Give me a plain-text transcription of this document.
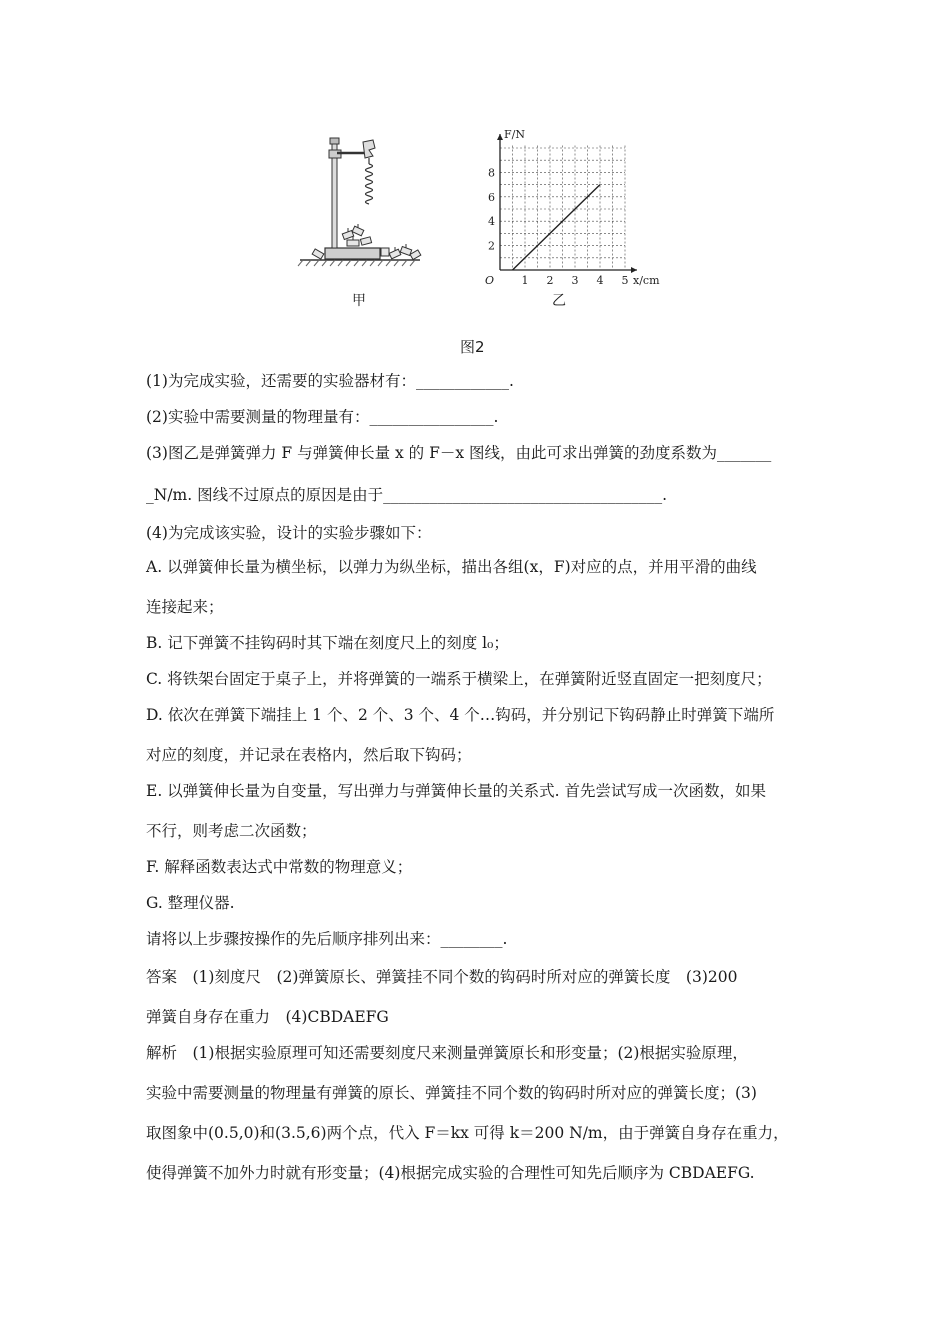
甲
1 2 3 4 5
2
4
6
8
O	x/cm
F/N
乙
图2
(1)为完成实验，还需要的实验器材有：____________.
(2)实验中需要测量的物理量有：________________.
(3)图乙是弹簧弹力 F 与弹簧伸长量 x 的 F－x 图线，由此可求出弹簧的劲度系数为_______
_N/m. 图线不过原点的原因是由于____________________________________.
(4)为完成该实验，设计的实验步骤如下：
A. 以弹簧伸长量为横坐标，以弹力为纵坐标，描出各组(x，F)对应的点，并用平滑的曲线
连接起来；
B. 记下弹簧不挂钩码时其下端在刻度尺上的刻度 l₀；
C. 将铁架台固定于桌子上，并将弹簧的一端系于横梁上，在弹簧附近竖直固定一把刻度尺；
D. 依次在弹簧下端挂上 1 个、2 个、3 个、4 个…钩码，并分别记下钩码静止时弹簧下端所
对应的刻度，并记录在表格内，然后取下钩码；
E. 以弹簧伸长量为自变量，写出弹力与弹簧伸长量的关系式. 首先尝试写成一次函数，如果
不行，则考虑二次函数；
F. 解释函数表达式中常数的物理意义；
G. 整理仪器.
请将以上步骤按操作的先后顺序排列出来：________.
答案　(1)刻度尺　(2)弹簧原长、弹簧挂不同个数的钩码时所对应的弹簧长度　(3)200
弹簧自身存在重力　(4)CBDAEFG
解析　(1)根据实验原理可知还需要刻度尺来测量弹簧原长和形变量；(2)根据实验原理，
实验中需要测量的物理量有弹簧的原长、弹簧挂不同个数的钩码时所对应的弹簧长度；(3)
取图象中(0.5,0)和(3.5,6)两个点，代入 F＝kx 可得 k＝200 N/m，由于弹簧自身存在重力，
使得弹簧不加外力时就有形变量；(4)根据完成实验的合理性可知先后顺序为 CBDAEFG.
